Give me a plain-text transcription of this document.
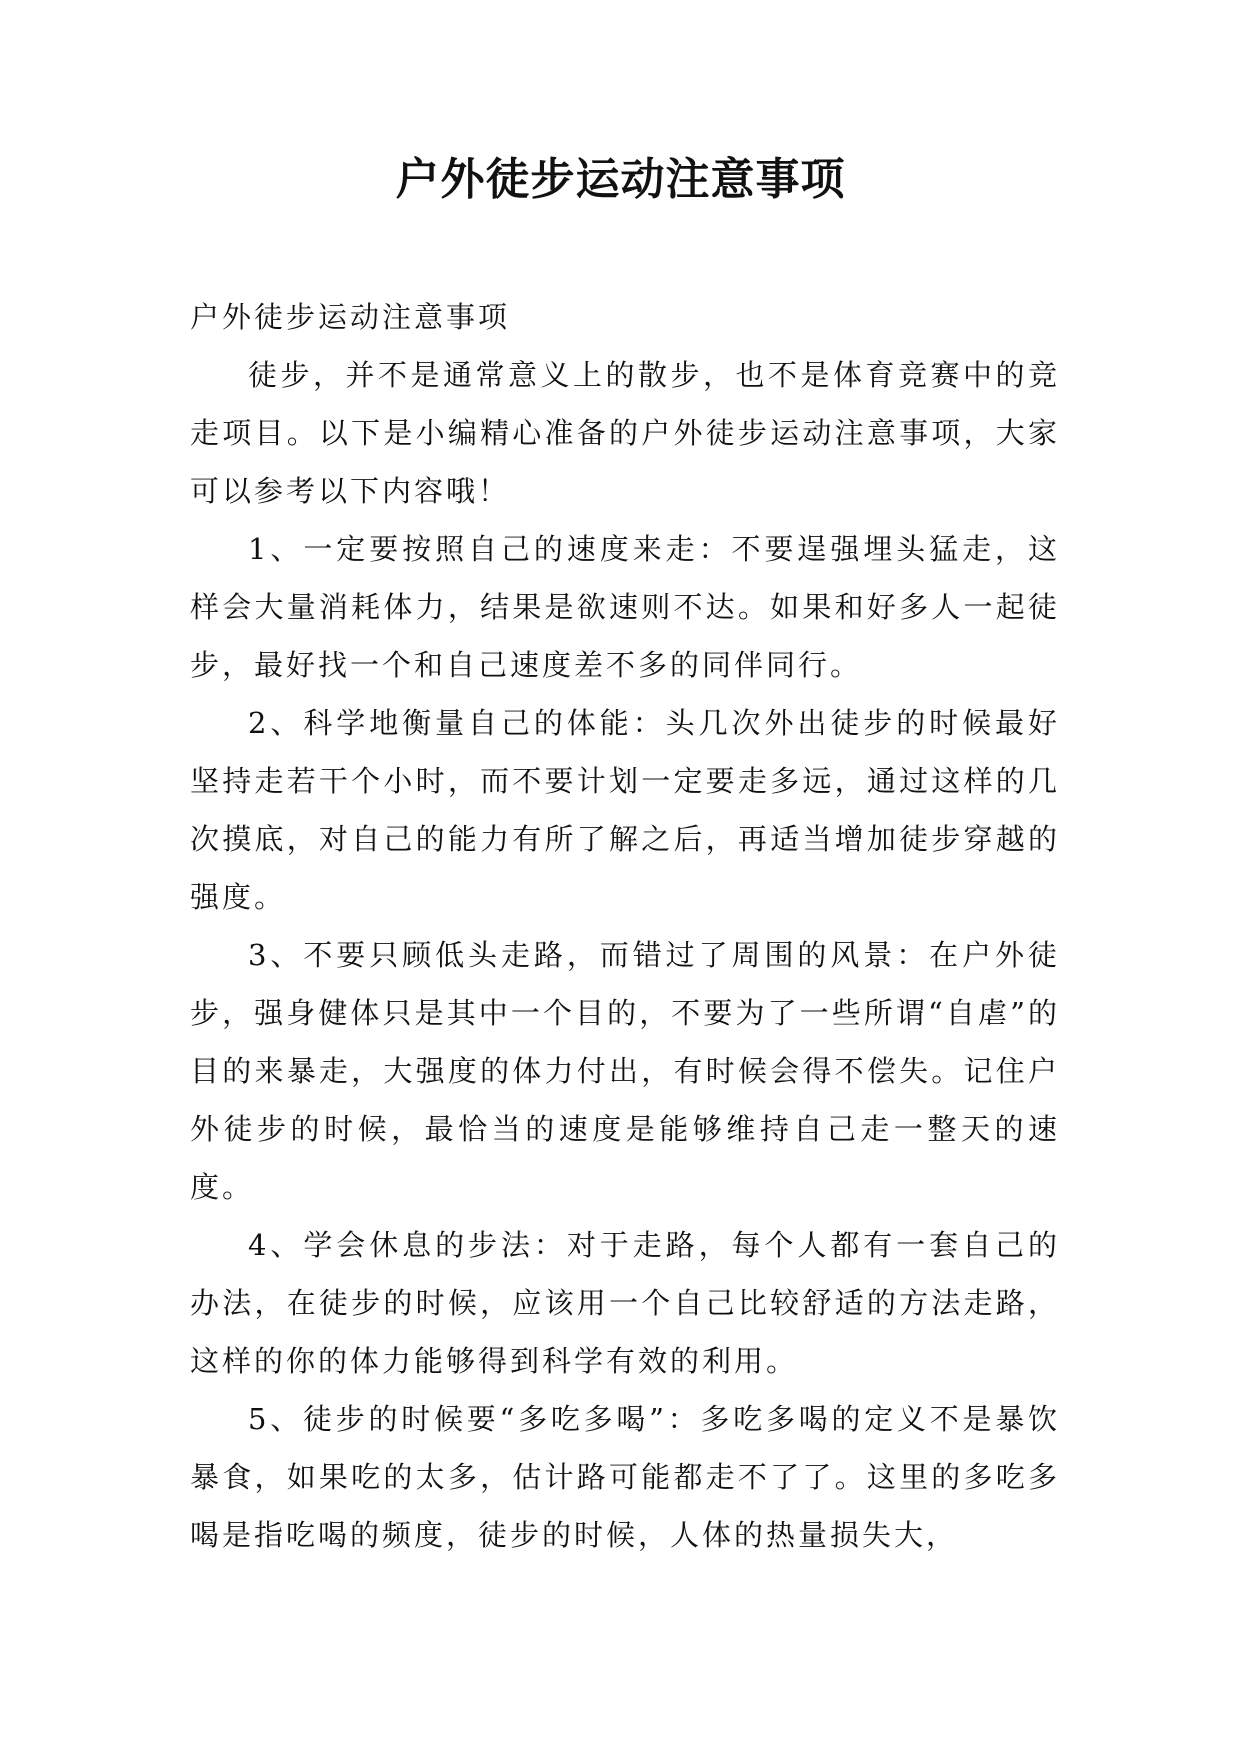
户外徒步运动注意事项

户外徒步运动注意事项

徒步，并不是通常意义上的散步，也不是体育竞赛中的竞走项目。以下是小编精心准备的户外徒步运动注意事项，大家可以参考以下内容哦！

1、一定要按照自己的速度来走：不要逞强埋头猛走，这样会大量消耗体力，结果是欲速则不达。如果和好多人一起徒步，最好找一个和自己速度差不多的同伴同行。

2、科学地衡量自己的体能：头几次外出徒步的时候最好坚持走若干个小时，而不要计划一定要走多远，通过这样的几次摸底，对自己的能力有所了解之后，再适当增加徒步穿越的强度。

3、不要只顾低头走路，而错过了周围的风景：在户外徒步，强身健体只是其中一个目的，不要为了一些所谓“自虐”的目的来暴走，大强度的体力付出，有时候会得不偿失。记住户外徒步的时候，最恰当的速度是能够维持自己走一整天的速度。

4、学会休息的步法：对于走路，每个人都有一套自己的办法，在徒步的时候，应该用一个自己比较舒适的方法走路，这样的你的体力能够得到科学有效的利用。

5、徒步的时候要“多吃多喝”：多吃多喝的定义不是暴饮暴食，如果吃的太多，估计路可能都走不了了。这里的多吃多喝是指吃喝的频度，徒步的时候，人体的热量损失大，
